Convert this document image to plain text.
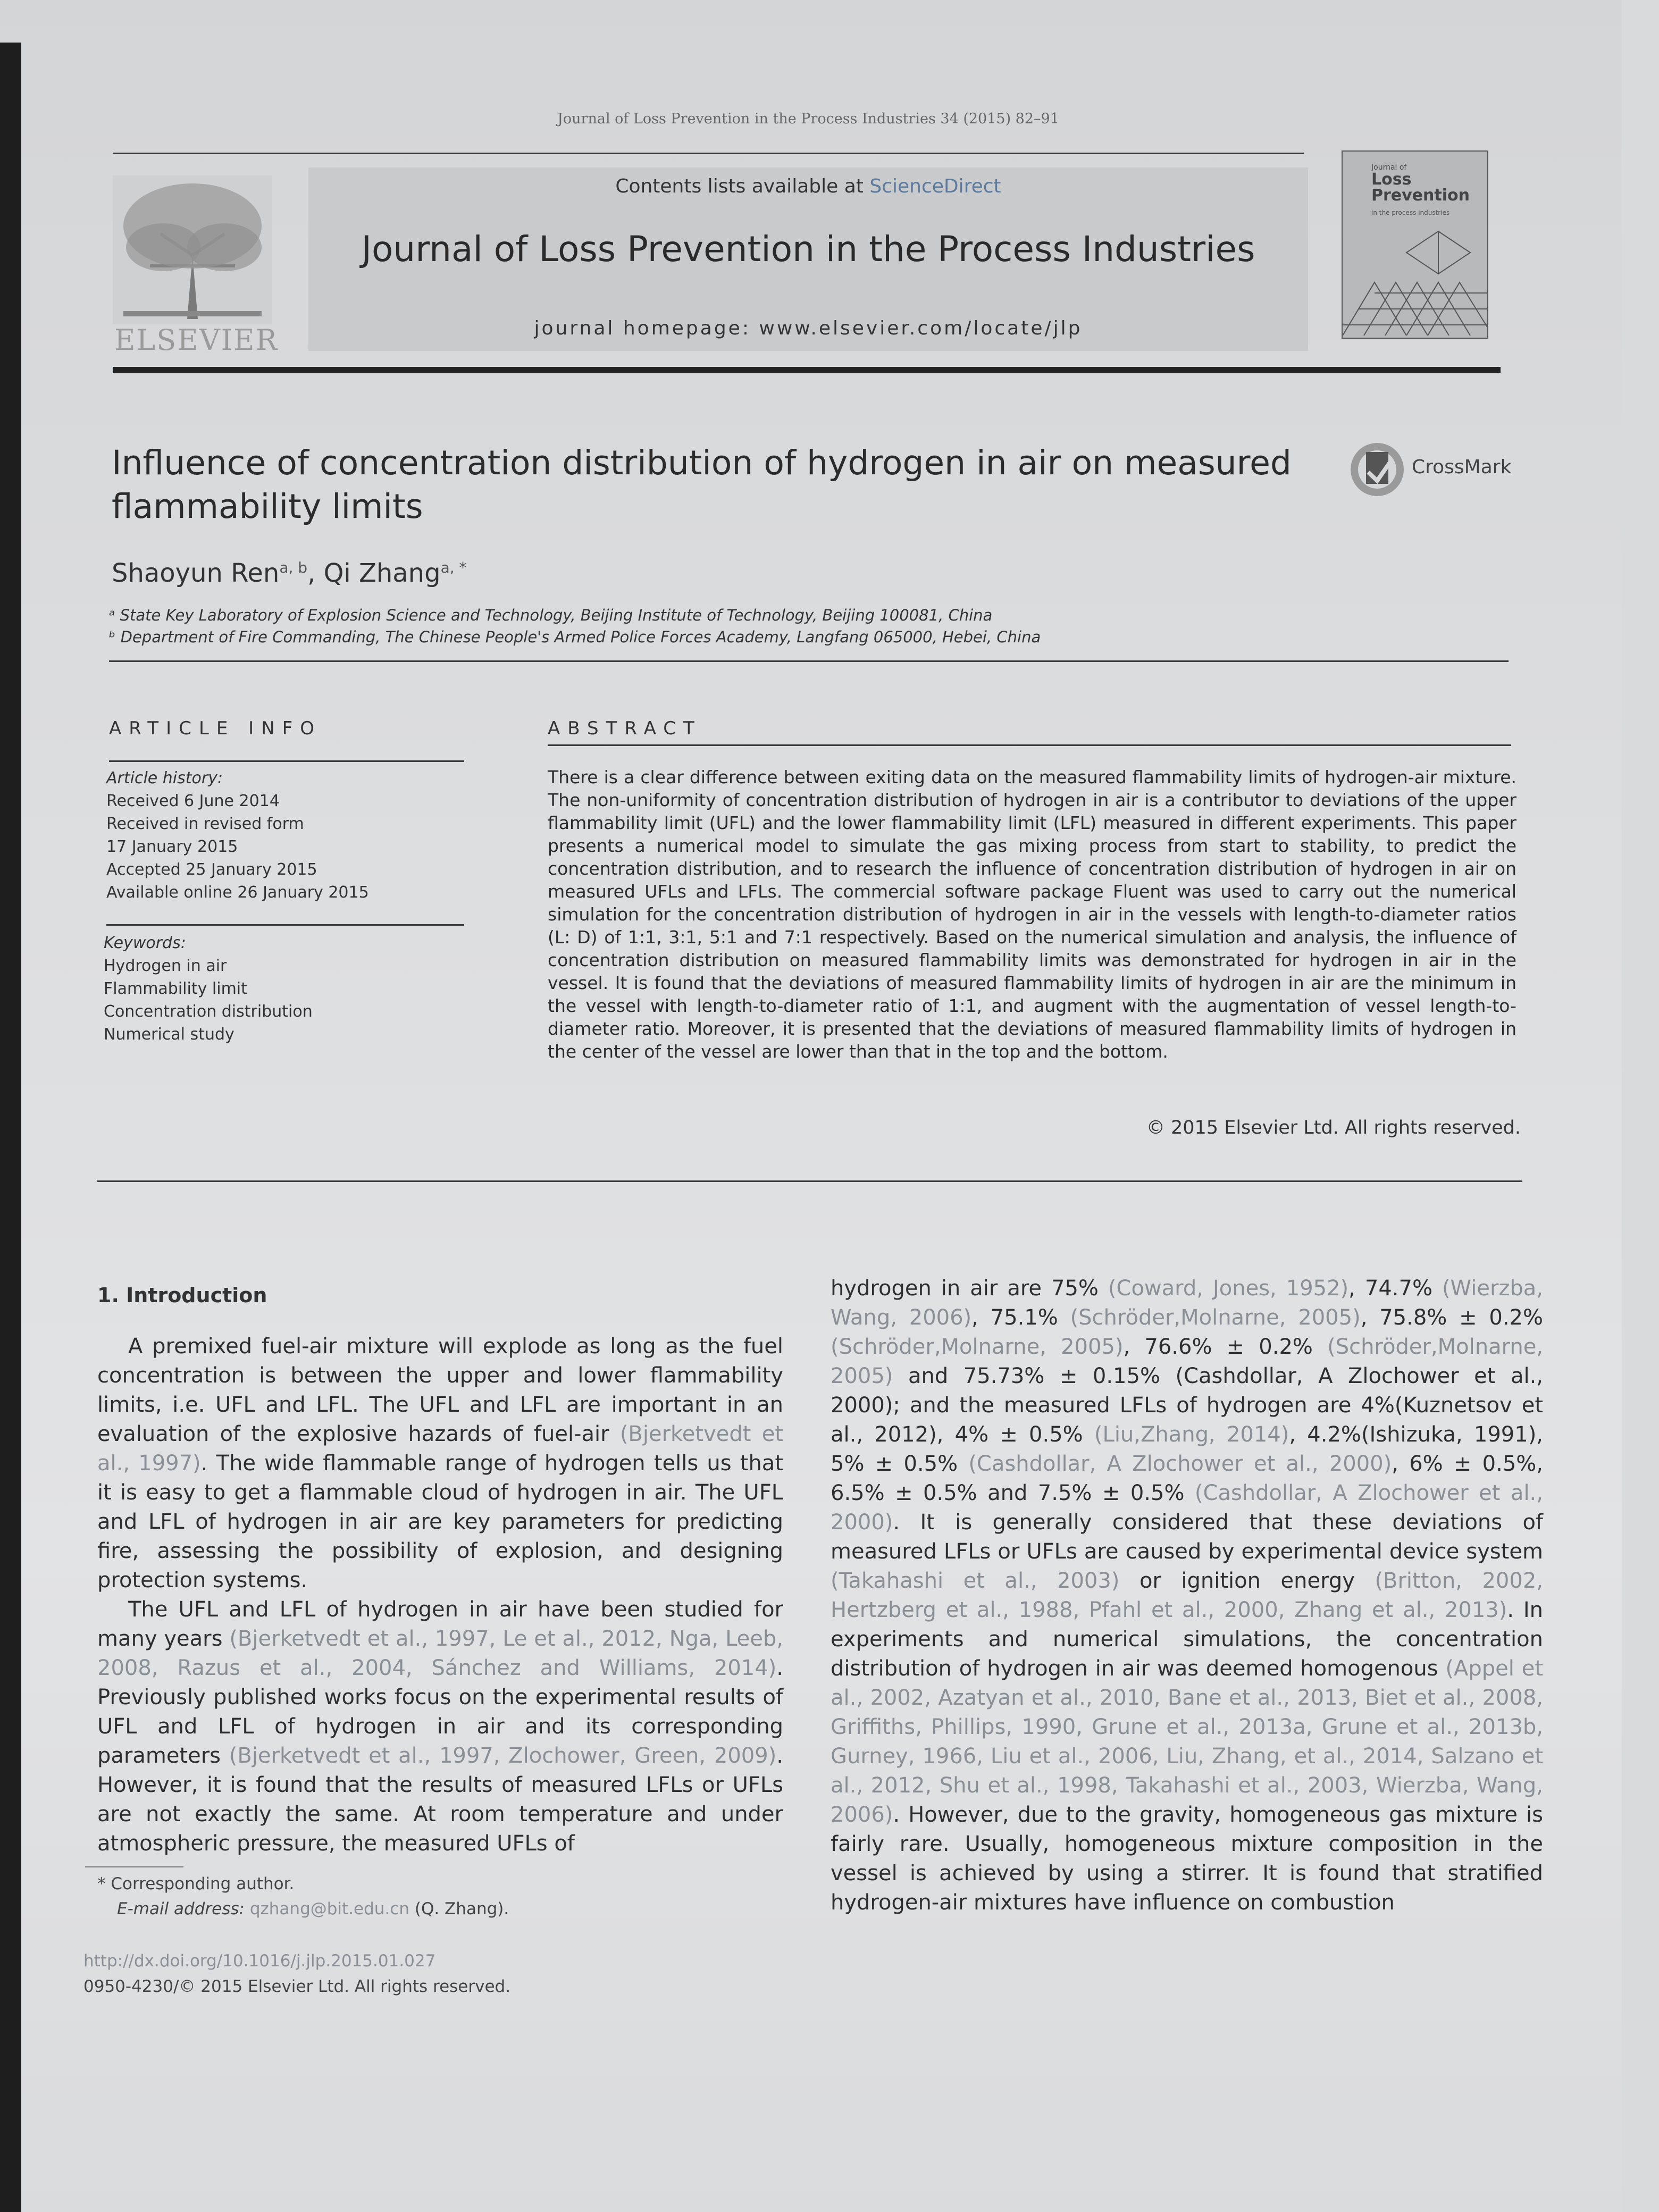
Journal of Loss Prevention in the Process Industries 34 (2015) 82–91
Contents lists available at ScienceDirect
Journal of Loss Prevention in the Process Industries
journal homepage: www.elsevier.com/locate/jlp
ELSEVIER
Journal of
Loss
Prevention
in the process industries
Influence of concentration distribution of hydrogen in air on measured flammability limits
CrossMark
Shaoyun Ren$^{a, b}$, Qi Zhang$^{a, *}$
ᵃ State Key Laboratory of Explosion Science and Technology, Beijing Institute of Technology, Beijing 100081, China
ᵇ Department of Fire Commanding, The Chinese People's Armed Police Forces Academy, Langfang 065000, Hebei, China
ARTICLE INFO
Article history:
Received 6 June 2014
Received in revised form
17 January 2015
Accepted 25 January 2015
Available online 26 January 2015
Keywords:
Hydrogen in air
Flammability limit
Concentration distribution
Numerical study
ABSTRACT
There is a clear difference between exiting data on the measured flammability limits of hydrogen-air mixture. The non-uniformity of concentration distribution of hydrogen in air is a contributor to deviations of the upper flammability limit (UFL) and the lower flammability limit (LFL) measured in different experiments. This paper presents a numerical model to simulate the gas mixing process from start to stability, to predict the concentration distribution, and to research the influence of concentration distribution of hydrogen in air on measured UFLs and LFLs. The commercial software package Fluent was used to carry out the numerical simulation for the concentration distribution of hydrogen in air in the vessels with length-to-diameter ratios (L: D) of 1:1, 3:1, 5:1 and 7:1 respectively. Based on the numerical simulation and analysis, the influence of concentration distribution on measured flammability limits was demonstrated for hydrogen in air in the vessel. It is found that the deviations of measured flammability limits of hydrogen in air are the minimum in the vessel with length-to-diameter ratio of 1:1, and augment with the augmentation of vessel length-to-diameter ratio. Moreover, it is presented that the deviations of measured flammability limits of hydrogen in the center of the vessel are lower than that in the top and the bottom.
© 2015 Elsevier Ltd. All rights reserved.
1. Introduction

A premixed fuel-air mixture will explode as long as the fuel concentration is between the upper and lower flammability limits, i.e. UFL and LFL. The UFL and LFL are important in an evaluation of the explosive hazards of fuel-air (Bjerketvedt et al., 1997). The wide flammable range of hydrogen tells us that it is easy to get a flammable cloud of hydrogen in air. The UFL and LFL of hydrogen in air are key parameters for predicting fire, assessing the possibility of explosion, and designing protection systems.

The UFL and LFL of hydrogen in air have been studied for many years (Bjerketvedt et al., 1997, Le et al., 2012, Nga, Leeb, 2008, Razus et al., 2004, Sánchez and Williams, 2014). Previously published works focus on the experimental results of UFL and LFL of hydrogen in air and its corresponding parameters (Bjerketvedt et al., 1997, Zlochower, Green, 2009). However, it is found that the results of measured LFLs or UFLs are not exactly the same. At room temperature and under atmospheric pressure, the measured UFLs of

hydrogen in air are 75% (Coward, Jones, 1952), 74.7% (Wierzba, Wang, 2006), 75.1% (Schröder,Molnarne, 2005), 75.8% ± 0.2% (Schröder,Molnarne, 2005), 76.6% ± 0.2% (Schröder,Molnarne, 2005) and 75.73% ± 0.15% (Cashdollar, A Zlochower et al., 2000); and the measured LFLs of hydrogen are 4%(Kuznetsov et al., 2012), 4% ± 0.5% (Liu,Zhang, 2014), 4.2%(Ishizuka, 1991), 5% ± 0.5% (Cashdollar, A Zlochower et al., 2000), 6% ± 0.5%, 6.5% ± 0.5% and 7.5% ± 0.5% (Cashdollar, A Zlochower et al., 2000). It is generally considered that these deviations of measured LFLs or UFLs are caused by experimental device system (Takahashi et al., 2003) or ignition energy (Britton, 2002, Hertzberg et al., 1988, Pfahl et al., 2000, Zhang et al., 2013). In experiments and numerical simulations, the concentration distribution of hydrogen in air was deemed homogenous (Appel et al., 2002, Azatyan et al., 2010, Bane et al., 2013, Biet et al., 2008, Griffiths, Phillips, 1990, Grune et al., 2013a, Grune et al., 2013b, Gurney, 1966, Liu et al., 2006, Liu, Zhang, et al., 2014, Salzano et al., 2012, Shu et al., 1998, Takahashi et al., 2003, Wierzba, Wang, 2006). However, due to the gravity, homogeneous gas mixture is fairly rare. Usually, homogeneous mixture composition in the vessel is achieved by using a stirrer. It is found that stratified hydrogen-air mixtures have influence on combustion

* Corresponding author.
E-mail address: qzhang@bit.edu.cn (Q. Zhang).
http://dx.doi.org/10.1016/j.jlp.2015.01.027
0950-4230/© 2015 Elsevier Ltd. All rights reserved.
